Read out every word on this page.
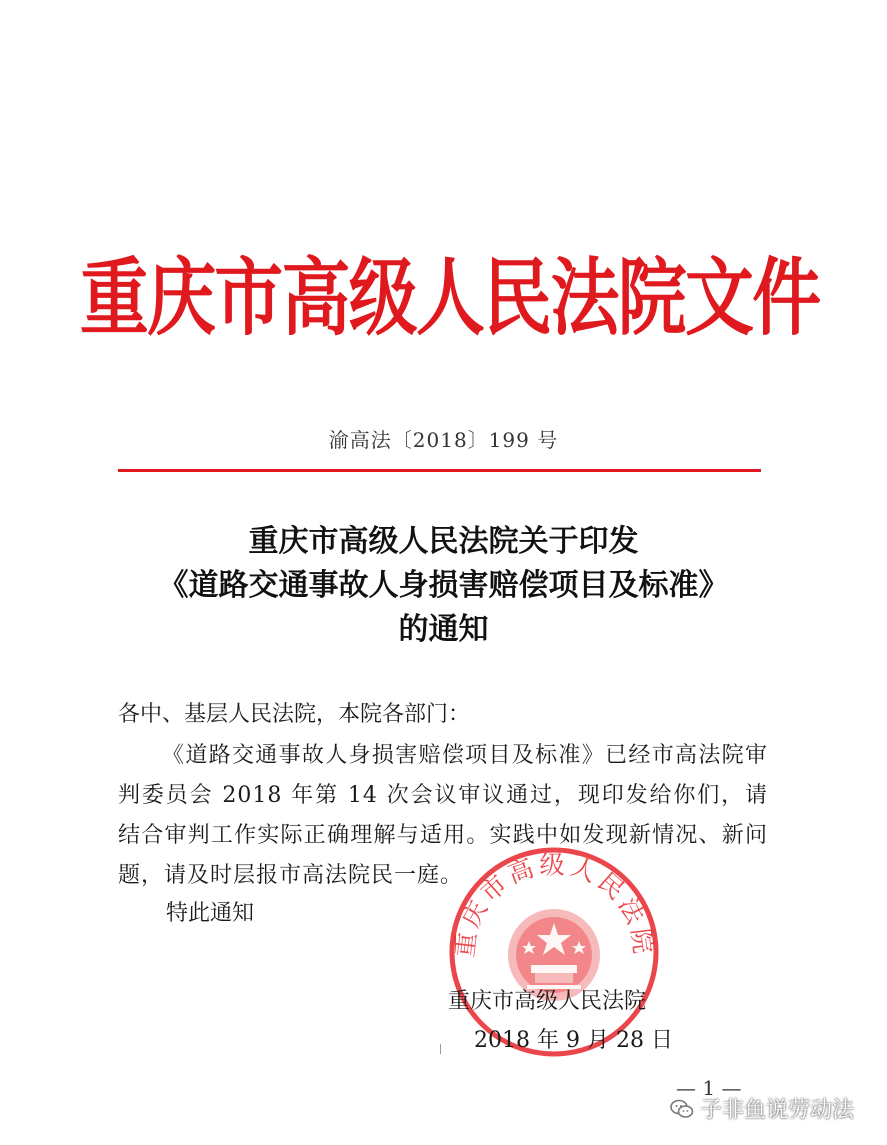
重庆市高级人民法院文件
渝高法〔2018〕199 号
重庆市高级人民法院关于印发
《道路交通事故人身损害赔偿项目及标准》
的通知
各中、基层人民法院，本院各部门：

《道路交通事故人身损害赔偿项目及标准》已经市高法院审判委员会 2018 年第 14 次会议审议通过，现印发给你们，请结合审判工作实际正确理解与适用。实践中如发现新情况、新问题，请及时层报市高法院民一庭。

特此通知
重庆市高级人民法院
重庆市高级人民法院
2018 年 9 月 28 日
— 1 —
子非鱼说劳动法
